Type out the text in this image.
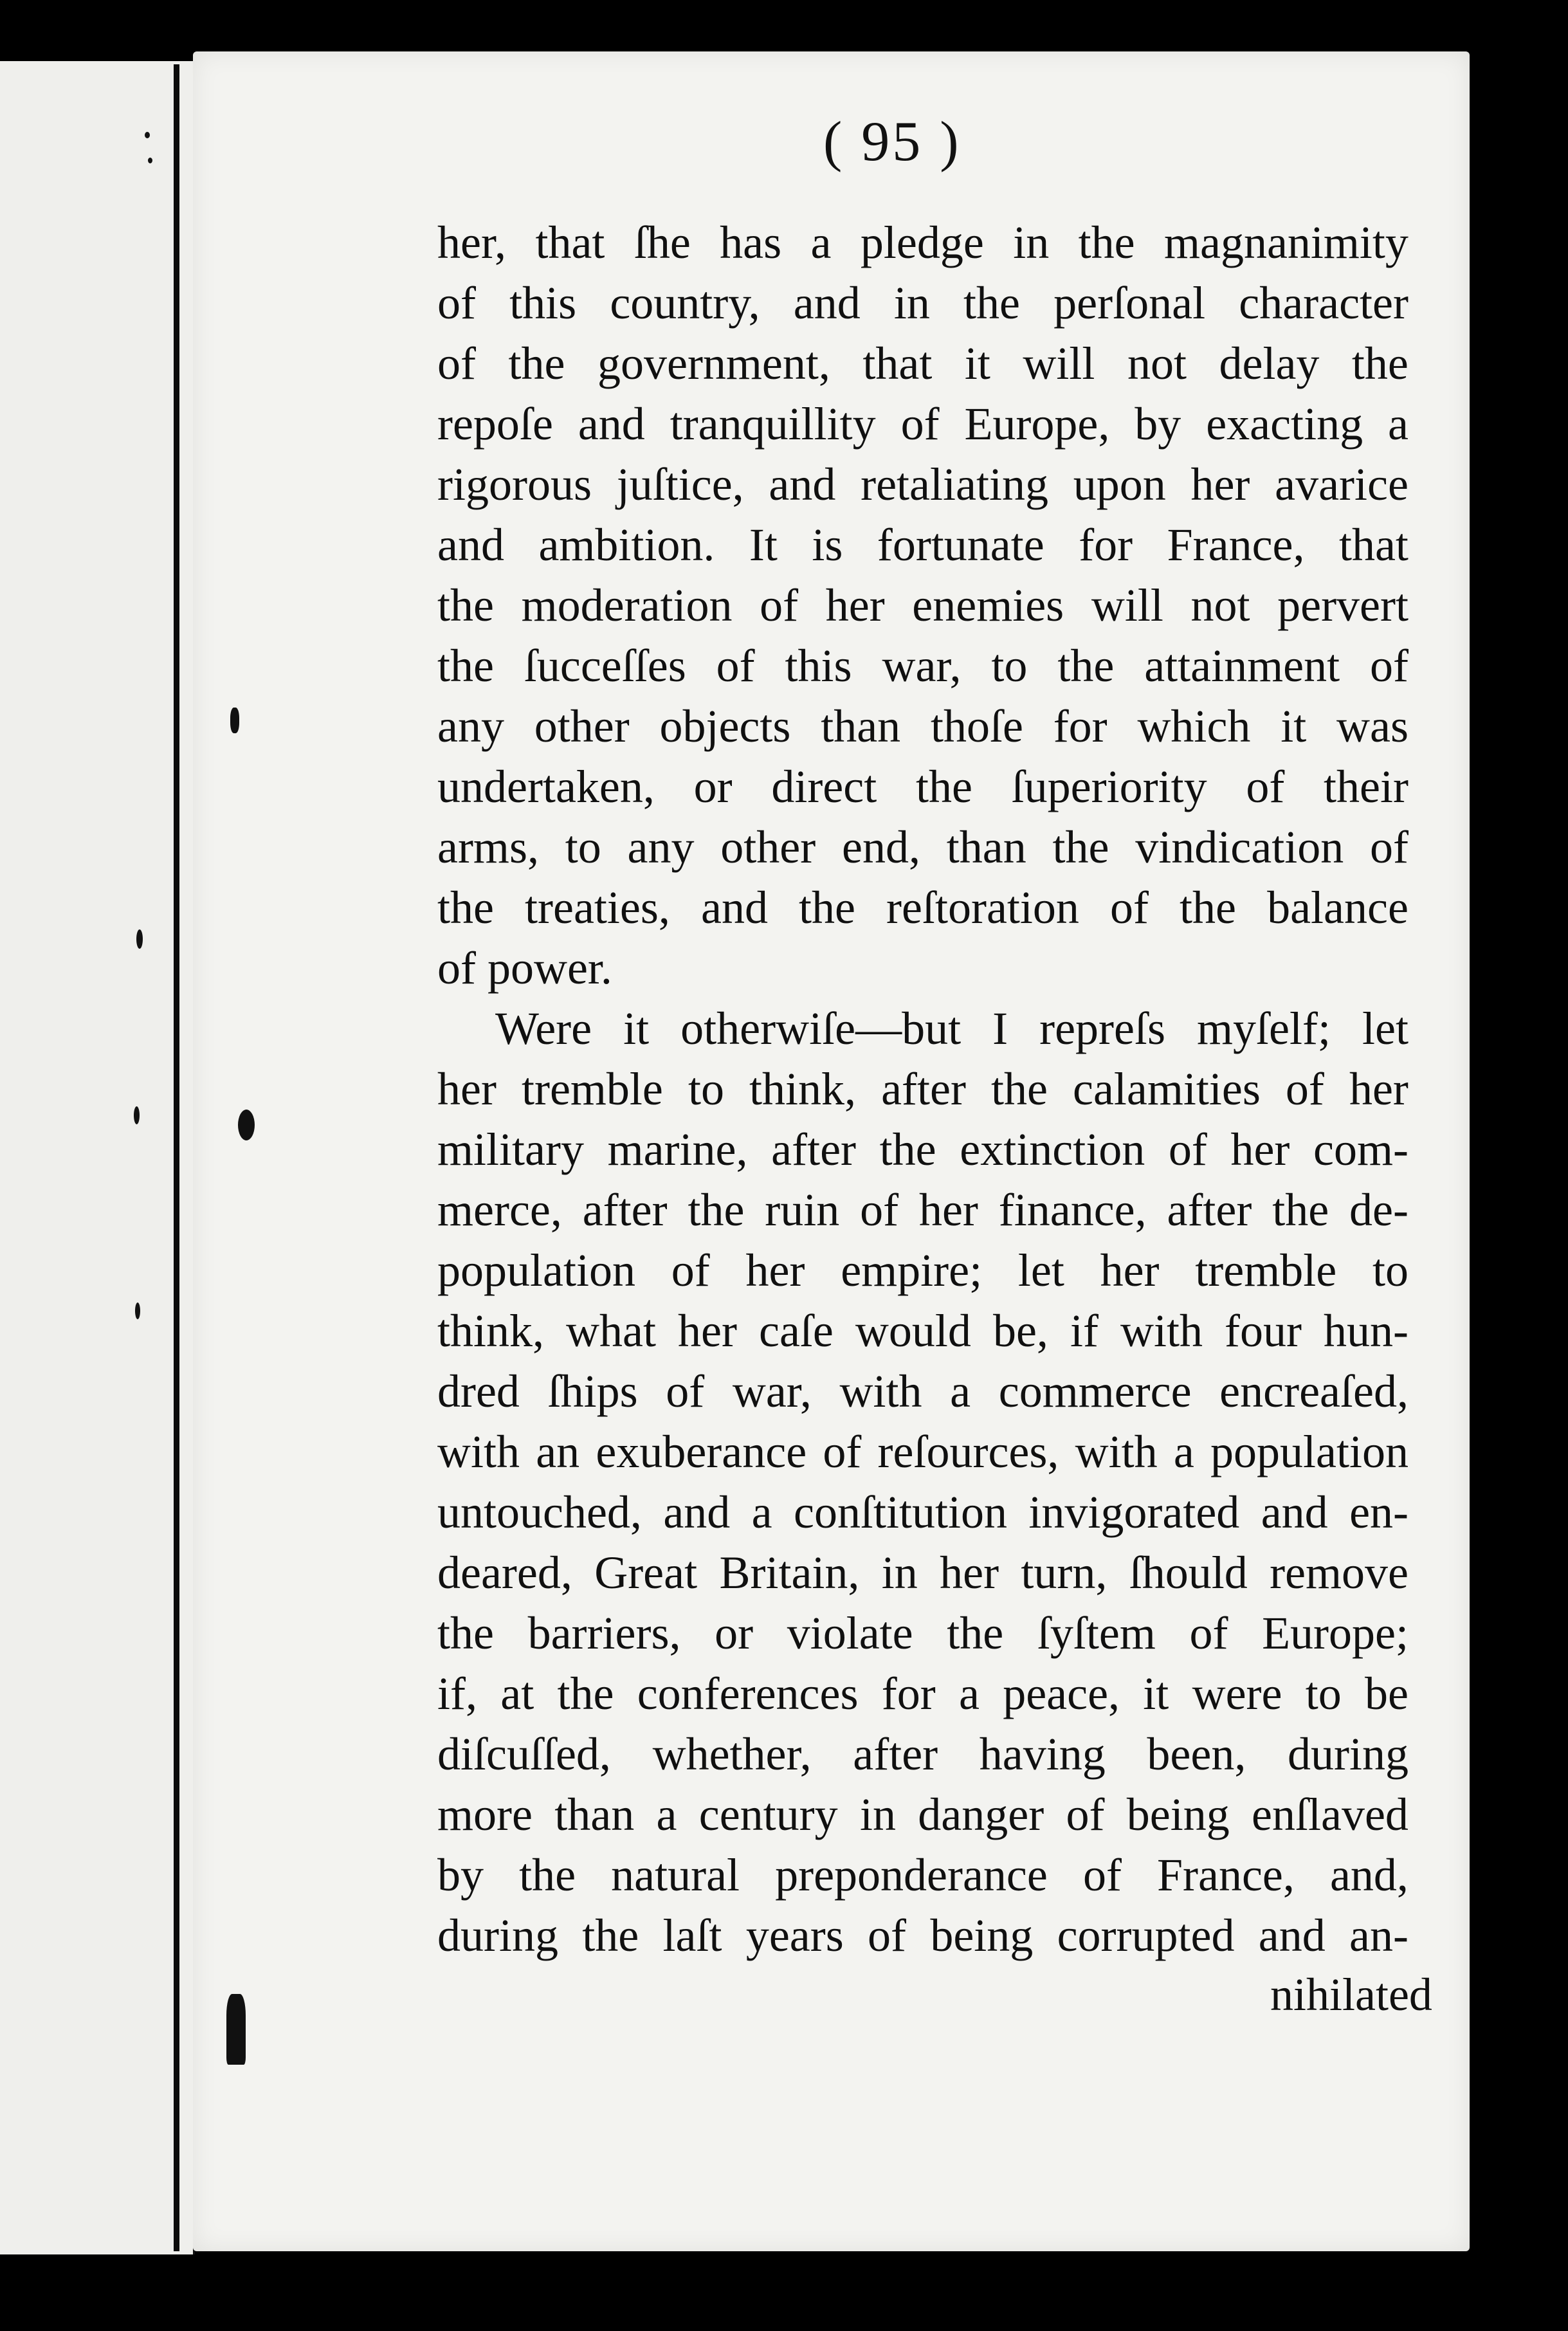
( 95 )
her, that ſhe has a pledge in the magnanimity
of this country, and in the perſonal character
of the government, that it will not delay the
repoſe and tranquillity of Europe, by exacting a
rigorous juſtice, and retaliating upon her avarice
and ambition. It is fortunate for France, that
the moderation of her enemies will not pervert
the ſucceſſes of this war, to the attainment of
any other objects than thoſe for which it was
undertaken, or direct the ſuperiority of their
arms, to any other end, than the vindication of
the treaties, and the reſtoration of the balance
of power.
Were it otherwiſe—but I repreſs myſelf; let
her tremble to think, after the calamities of her
military marine, after the extinction of her com-
merce, after the ruin of her finance, after the de-
population of her empire; let her tremble to
think, what her caſe would be, if with four hun-
dred ſhips of war, with a commerce encreaſed,
with an exuberance of reſources, with a population
untouched, and a conſtitution invigorated and en-
deared, Great Britain, in her turn, ſhould remove
the barriers, or violate the ſyſtem of Europe;
if, at the conferences for a peace, it were to be
diſcuſſed, whether, after having been, during
more than a century in danger of being enſlaved
by the natural preponderance of France, and,
during the laſt years of being corrupted and an-
nihilated
